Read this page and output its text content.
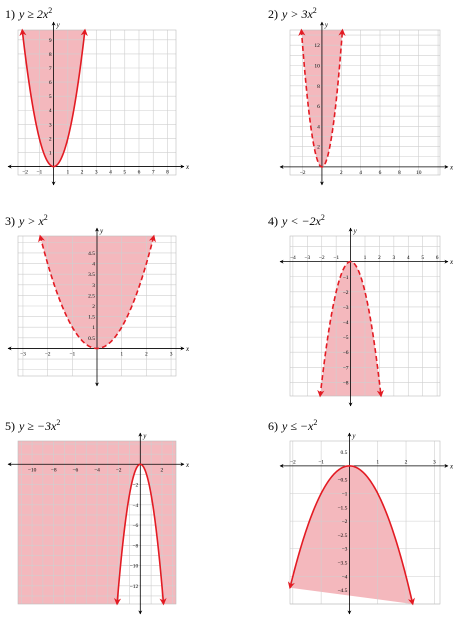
1) $y \ge 2x^2$	2) $y > 3x^2$
3) $y > x^2$	4) $y < -2x^2$
5) $y \ge -3x^2$	6) $y \le -x^2$
x
y
−2 −1	1 2 3 4 5 6 7 8
1
2
3
4
5
6
7
8
9
x
y
−2	2	4	6	8	10
2
4
6
8
10
12
x
y
−3	−2	−1	1	2	3
0.5
1
1.5
2
2.5
3
3.5
4
4.5
x
y
−4 −3 −2 −1	1 2 3 4 5 6
−1
−2
−3
−4
−5
−6
−7
−8
x
y
−10	−8	−6	−4	−2	2
−2
−4
−6
−8
−10
−12
x
y
−2	−1	1	2	3
0.5
−0.5
−1
−1.5
−2
−2.5
−3
−3.5
−4
−4.5
